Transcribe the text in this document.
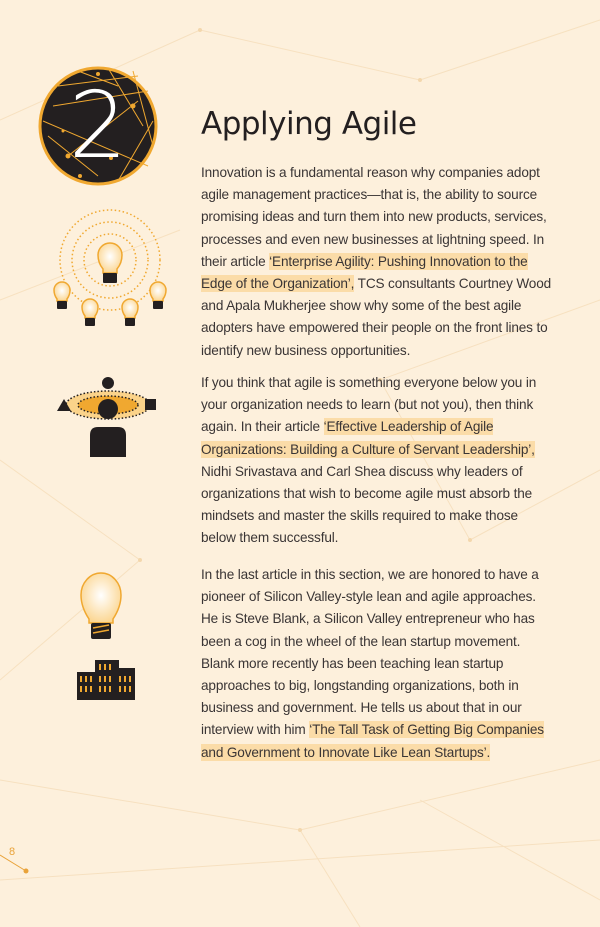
2	Applying Agile

Innovation is a fundamental reason why companies adopt agile management practices—that is, the ability to source promising ideas and turn them into new products, services, processes and even new businesses at lightning speed. In their article ‘Enterprise Agility: Pushing Innovation to the Edge of the Organization’, TCS consultants Courtney Wood and Apala Mukherjee show why some of the best agile adopters have empowered their people on the front lines to identify new business opportunities.

If you think that agile is something everyone below you in your organization needs to learn (but not you), then think again. In their article ‘Effective Leadership of Agile Organizations: Building a Culture of Servant Leadership’, Nidhi Srivastava and Carl Shea discuss why leaders of organizations that wish to become agile must absorb the mindsets and master the skills required to make those below them successful.

In the last article in this section, we are honored to have a pioneer of Silicon Valley-style lean and agile approaches. He is Steve Blank, a Silicon Valley entrepreneur who has been a cog in the wheel of the lean startup movement. Blank more recently has been teaching lean startup approaches to big, longstanding organizations, both in business and government. He tells us about that in our interview with him ‘The Tall Task of Getting Big Companies and Government to Innovate Like Lean Startups’.

8
